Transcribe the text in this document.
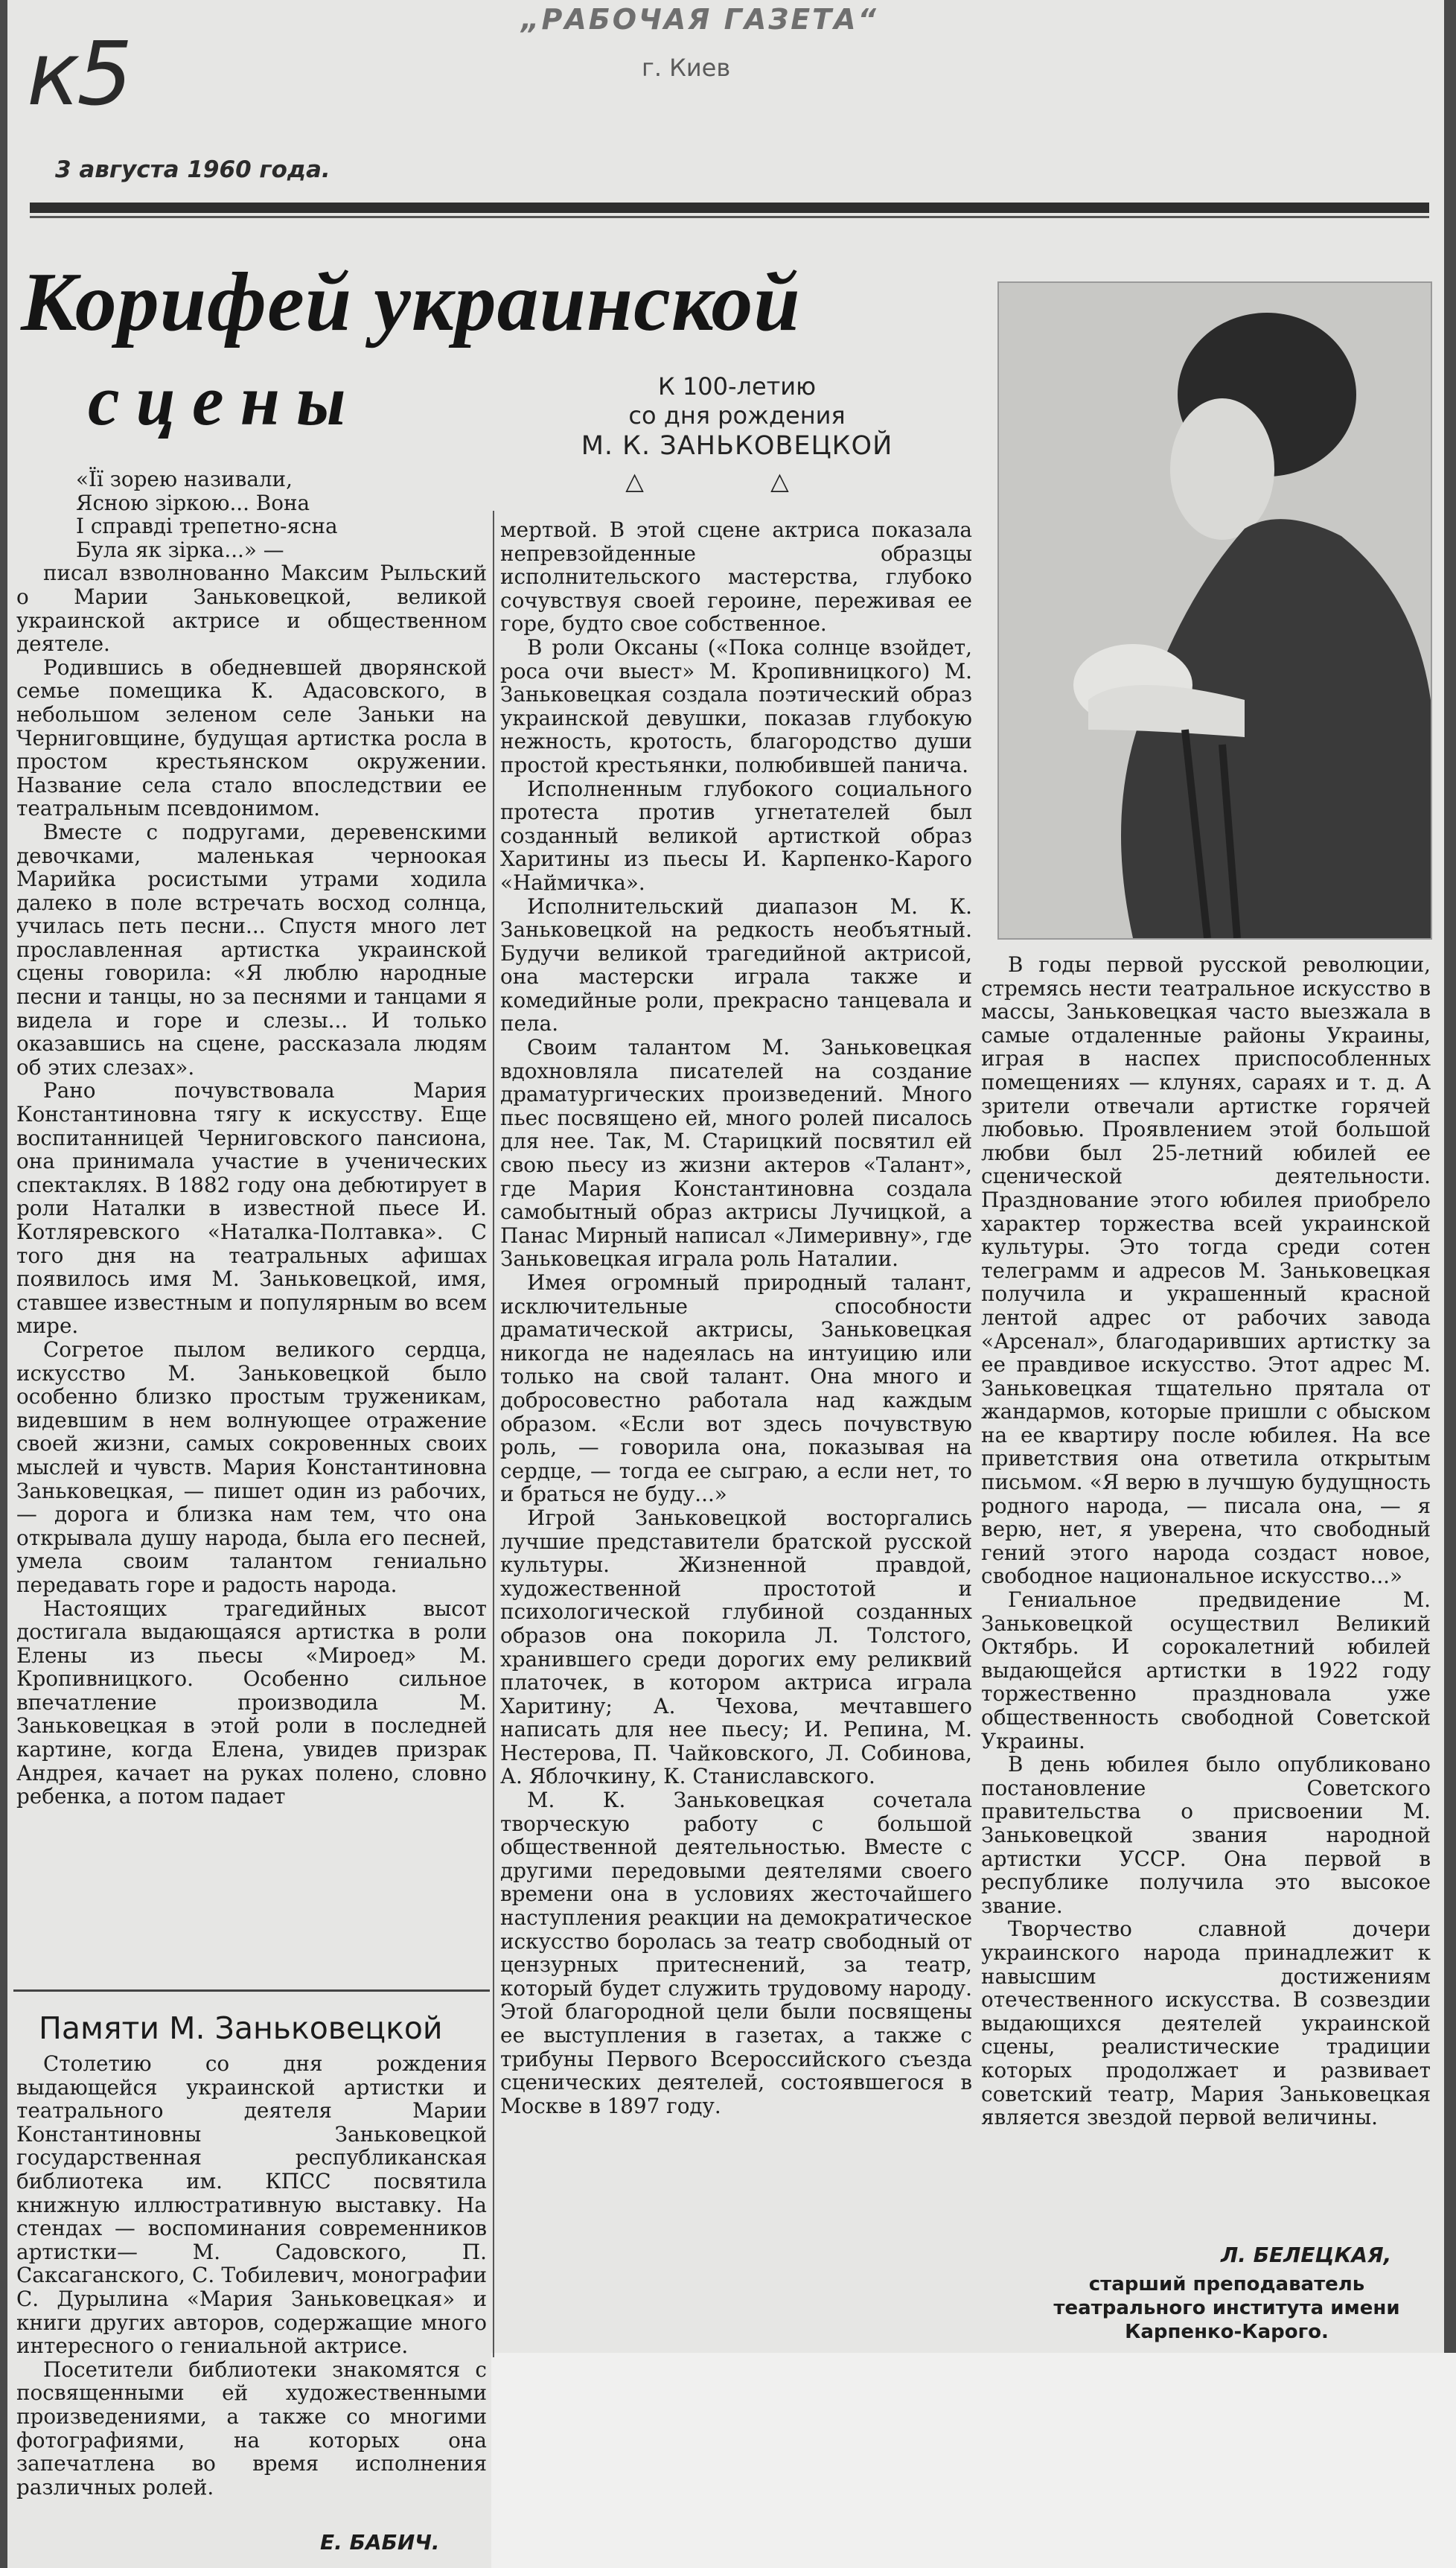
к5
„РАБОЧАЯ ГАЗЕТА“
г. Киев
3 августа 1960 года.
Корифей украинской
сцены	К 100-летию
со дня рождения
М. К. ЗАНЬКОВЕЦКОЙ
△ △

«Її зорею називали,
Ясною зіркою... Вона
І справді трепетно-ясна
Була як зірка...» —

писал взволнованно Максим Рыльский о Марии Заньковецкой, великой украинской актрисе и общественном деятеле.

Родившись в обедневшей дворянской семье помещика К. Адасовского, в небольшом зеленом селе Заньки на Черниговщине, будущая артистка росла в простом крестьянском окружении. Название села стало впоследствии ее театральным псевдонимом.

Вместе с подругами, деревенскими девочками, маленькая черноокая Марийка росистыми утрами ходила далеко в поле встречать восход солнца, училась петь песни... Спустя много лет прославленная артистка украинской сцены говорила: «Я люблю народные песни и танцы, но за песнями и танцами я видела и горе и слезы... И только оказавшись на сцене, рассказала людям об этих слезах».

Рано почувствовала Мария Константиновна тягу к искусству. Еще воспитанницей Черниговского пансиона, она принимала участие в ученических спектаклях. В 1882 году она дебютирует в роли Наталки в известной пьесе И. Котляревского «Наталка-Полтавка». С того дня на театральных афишах появилось имя М. Заньковецкой, имя, ставшее известным и популярным во всем мире.

Согретое пылом великого сердца, искусство М. Заньковецкой было особенно близко простым труженикам, видевшим в нем волнующее отражение своей жизни, самых сокровенных своих мыслей и чувств. Мария Константиновна Заньковецкая, — пишет один из рабочих, — дорога и близка нам тем, что она открывала душу народа, была его песней, умела своим талантом гениально передавать горе и радость народа.

Настоящих трагедийных высот достигала выдающаяся артистка в роли Елены из пьесы «Мироед» М. Кропивницкого. Особенно сильное впечатление производила М. Заньковецкая в этой роли в последней картине, когда Елена, увидев призрак Андрея, качает на руках полено, словно ребенка, а потом падает

мертвой. В этой сцене актриса показала непревзойденные образцы исполнительского мастерства, глубоко сочувствуя своей героине, переживая ее горе, будто свое собственное.

В роли Оксаны («Пока солнце взойдет, роса очи выест» М. Кропивницкого) М. Заньковецкая создала поэтический образ украинской девушки, показав глубокую нежность, кротость, благородство души простой крестьянки, полюбившей панича.

Исполненным глубокого социального протеста против угнетателей был созданный великой артисткой образ Харитины из пьесы И. Карпенко-Карого «Наймичка».

Исполнительский диапазон М. К. Заньковецкой на редкость необъятный. Будучи великой трагедийной актрисой, она мастерски играла также и комедийные роли, прекрасно танцевала и пела.

Своим талантом М. Заньковецкая вдохновляла писателей на создание драматургических произведений. Много пьес посвящено ей, много ролей писалось для нее. Так, М. Старицкий посвятил ей свою пьесу из жизни актеров «Талант», где Мария Константиновна создала самобытный образ актрисы Лучицкой, а Панас Мирный написал «Лимеривну», где Заньковецкая играла роль Наталии.

Имея огромный природный талант, исключительные способности драматической актрисы, Заньковецкая никогда не надеялась на интуицию или только на свой талант. Она много и добросовестно работала над каждым образом. «Если вот здесь почувствую роль, — говорила она, показывая на сердце, — тогда ее сыграю, а если нет, то и браться не буду...»

Игрой Заньковецкой восторгались лучшие представители братской русской культуры. Жизненной правдой, художественной простотой и психологической глубиной созданных образов она покорила Л. Толстого, хранившего среди дорогих ему реликвий платочек, в котором актриса играла Харитину; А. Чехова, мечтавшего написать для нее пьесу; И. Репина, М. Нестерова, П. Чайковского, Л. Собинова, А. Яблочкину, К. Станиславского.

М. К. Заньковецкая сочетала творческую работу с большой общественной деятельностью. Вместе с другими передовыми деятелями своего времени она в условиях жесточайшего наступления реакции на демократическое искусство боролась за театр свободный от цензурных притеснений, за театр, который будет служить трудовому народу. Этой благородной цели были посвящены ее выступления в газетах, а также с трибуны Первого Всероссийского съезда сценических деятелей, состоявшегося в Москве в 1897 году.

В годы первой русской революции, стремясь нести театральное искусство в массы, Заньковецкая часто выезжала в самые отдаленные районы Украины, играя в наспех приспособленных помещениях — клунях, сараях и т. д. А зрители отвечали артистке горячей любовью. Проявлением этой большой любви был 25-летний юбилей ее сценической деятельности. Празднование этого юбилея приобрело характер торжества всей украинской культуры. Это тогда среди сотен телеграмм и адресов М. Заньковецкая получила и украшенный красной лентой адрес от рабочих завода «Арсенал», благодаривших артистку за ее правдивое искусство. Этот адрес М. Заньковецкая тщательно прятала от жандармов, которые пришли с обыском на ее квартиру после юбилея. На все приветствия она ответила открытым письмом. «Я верю в лучшую будущность родного народа, — писала она, — я верю, нет, я уверена, что свободный гений этого народа создаст новое, свободное национальное искусство...»

Гениальное предвидение М. Заньковецкой осуществил Великий Октябрь. И сорокалетний юбилей выдающейся артистки в 1922 году торжественно праздновала уже общественность свободной Советской Украины.

В день юбилея было опубликовано постановление Советского правительства о присвоении М. Заньковецкой звания народной артистки УССР. Она первой в республике получила это высокое звание.

Творчество славной дочери украинского народа принадлежит к навысшим достижениям отечественного искусства. В созвездии выдающихся деятелей украинской сцены, реалистические традиции которых продолжает и развивает советский театр, Мария Заньковецкая является звездой первой величины.

Л. БЕЛЕЦКАЯ,
старший преподаватель театрального института имени Карпенко-Карого.
Памяти М. Заньковецкой

Столетию со дня рождения выдающейся украинской артистки и театрального деятеля Марии Константиновны Заньковецкой государственная республиканская библиотека им. КПСС посвятила книжную иллюстративную выставку. На стендах — воспоминания современников артистки— М. Садовского, П. Саксаганского, С. Тобилевич, монографии С. Дурылина «Мария Заньковецкая» и книги других авторов, содержащие много интересного о гениальной актрисе.

Посетители библиотеки знакомятся с посвященными ей художественными произведениями, а также со многими фотографиями, на которых она запечатлена во время исполнения различных ролей.

Е. БАБИЧ.
